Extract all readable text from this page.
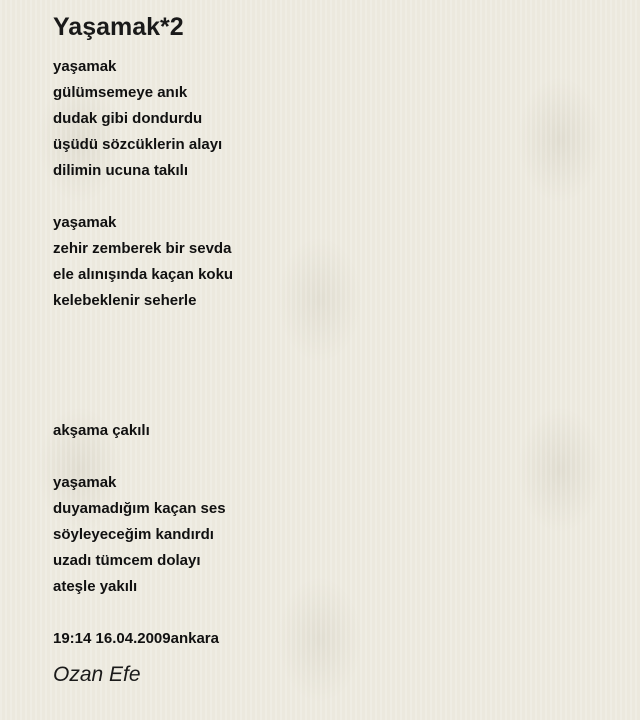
Yaşamak*2
yaşamak
gülümsemeye anık
dudak gibi dondurdu
üşüdü sözcüklerin alayı
dilimin ucuna takılı
yaşamak
zehir zemberek bir sevda
ele alınışında kaçan koku
kelebeklenir seherle
akşama çakılı
yaşamak
duyamadığım kaçan ses
söyleyeceğim kandırdı
uzadı tümcem dolayı
ateşle yakılı
19:14 16.04.2009ankara
Ozan Efe
